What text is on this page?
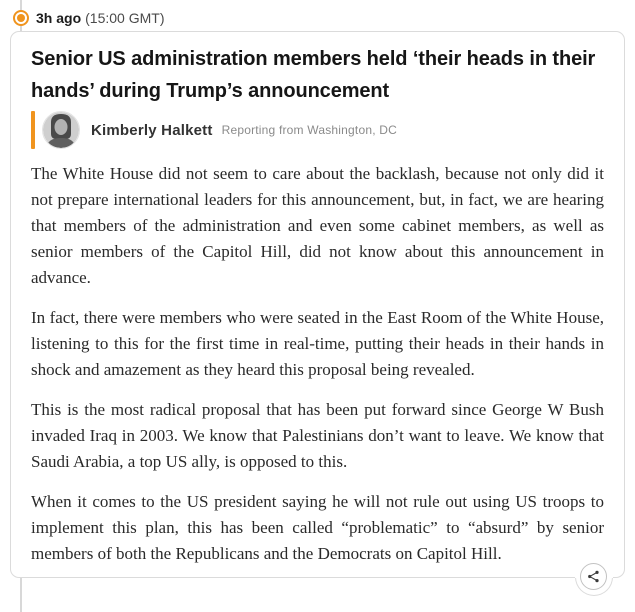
3h ago (15:00 GMT)
Senior US administration members held ‘their heads in their hands’ during Trump’s announcement
Kimberly Halkett Reporting from Washington, DC

The White House did not seem to care about the backlash, because not only did it not prepare international leaders for this announcement, but, in fact, we are hearing that members of the administration and even some cabinet members, as well as senior members of the Capitol Hill, did not know about this announcement in advance.

In fact, there were members who were seated in the East Room of the White House, listening to this for the first time in real-time, putting their heads in their hands in shock and amazement as they heard this proposal being revealed.

This is the most radical proposal that has been put forward since George W Bush invaded Iraq in 2003. We know that Palestinians don’t want to leave. We know that Saudi Arabia, a top US ally, is opposed to this.

When it comes to the US president saying he will not rule out using US troops to implement this plan, this has been called “problematic” to “absurd” by senior members of both the Republicans and the Democrats on Capitol Hill.
